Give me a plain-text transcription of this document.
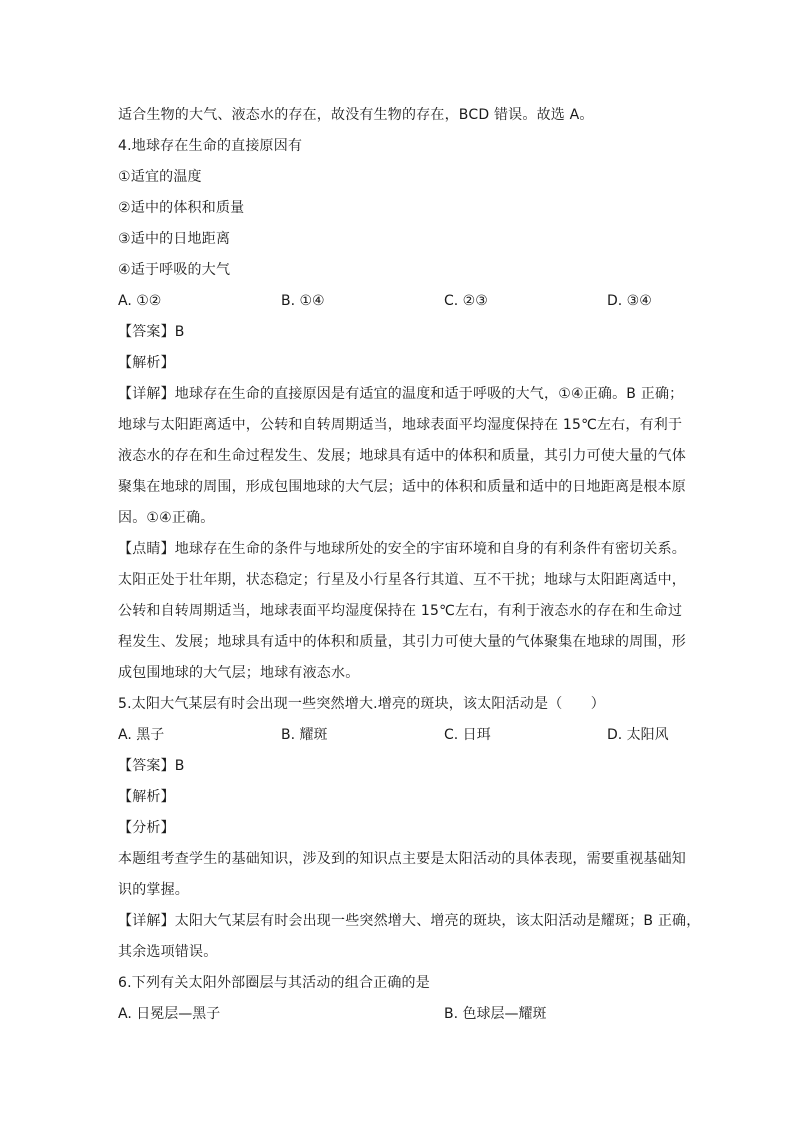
适合生物的大气、液态水的存在，故没有生物的存在，BCD 错误。故选 A。
4.地球存在生命的直接原因有
①适宜的温度
②适中的体积和质量
③适中的日地距离
④适于呼吸的大气
A. ①②	B. ①④	C. ②③	D. ③④
【答案】B
【解析】
【详解】地球存在生命的直接原因是有适宜的温度和适于呼吸的大气，①④正确。B 正确；
地球与太阳距离适中，公转和自转周期适当，地球表面平均湿度保持在 15℃左右，有利于
液态水的存在和生命过程发生、发展；地球具有适中的体积和质量，其引力可使大量的气体
聚集在地球的周围，形成包围地球的大气层；适中的体积和质量和适中的日地距离是根本原
因。①④正确。
【点睛】地球存在生命的条件与地球所处的安全的宇宙环境和自身的有利条件有密切关系。
太阳正处于壮年期，状态稳定；行星及小行星各行其道、互不干扰；地球与太阳距离适中，
公转和自转周期适当，地球表面平均湿度保持在 15℃左右，有利于液态水的存在和生命过
程发生、发展；地球具有适中的体积和质量，其引力可使大量的气体聚集在地球的周围，形
成包围地球的大气层；地球有液态水。
5.太阳大气某层有时会出现一些突然增大.增亮的斑块，该太阳活动是（　　）
A. 黑子	B. 耀斑	C. 日珥	D. 太阳风
【答案】B
【解析】
【分析】
本题组考查学生的基础知识，涉及到的知识点主要是太阳活动的具体表现，需要重视基础知
识的掌握。
【详解】太阳大气某层有时会出现一些突然增大、增亮的斑块，该太阳活动是耀斑；B 正确，
其余选项错误。
6.下列有关太阳外部圈层与其活动的组合正确的是
A. 日冕层—黑子	B. 色球层—耀斑
